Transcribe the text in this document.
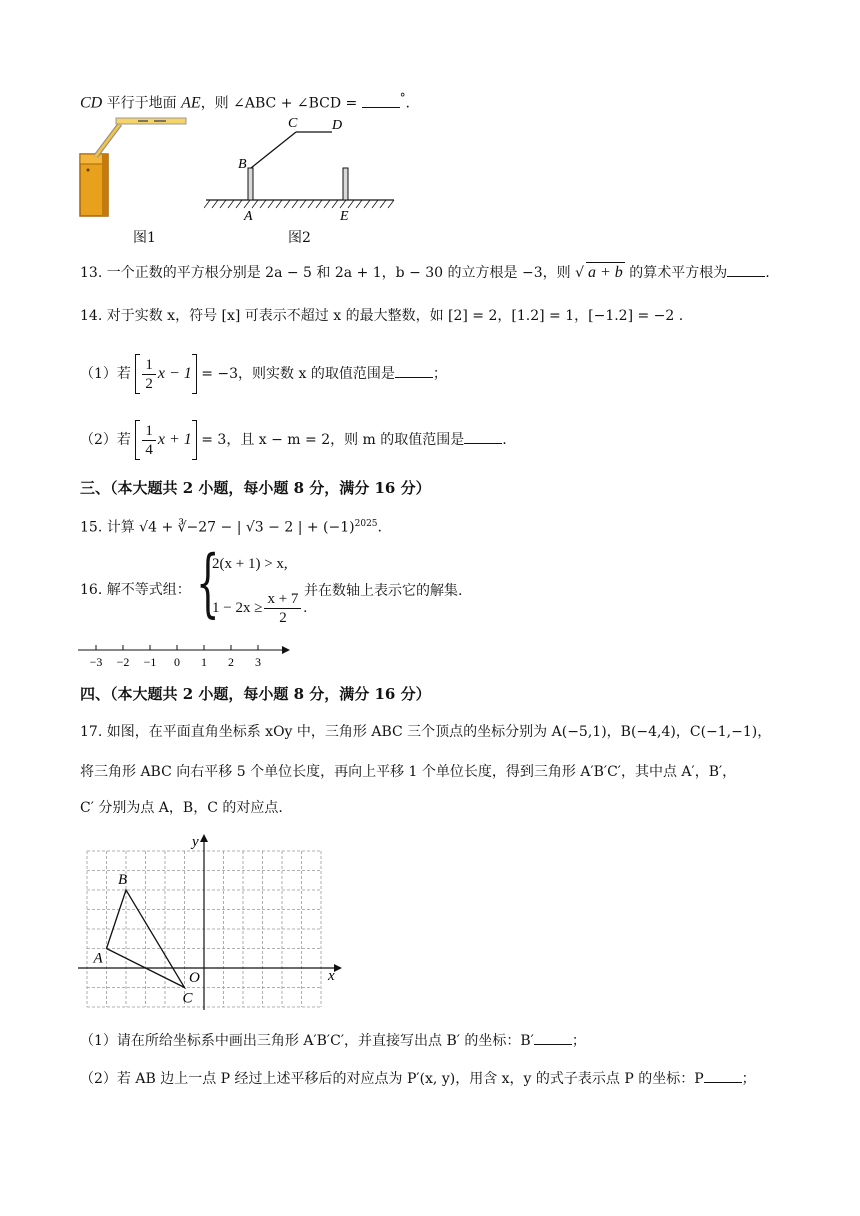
CD 平行于地面 AE，则 ∠ABC + ∠BCD =	°.
图1
B
C D
A	E
图2
13. 一个正数的平方根分别是 2a − 5 和 2a + 1，b − 30 的立方根是 −3，则 √ a + b 的算术平方根为	.
14. 对于实数 x，符号 [x] 可表示不超过 x 的最大整数，如 [2] = 2，[1.2] = 1，[−1.2] = −2 .
（1）若 $\frac{1}{2}$ x − 1 = −3，则实数 x 的取值范围是	；
（2）若 $\frac{1}{4}$ x + 1 = 3，且 x − m = 2，则 m 的取值范围是	.
三、（本大题共 2 小题，每小题 8 分，满分 16 分）
15. 计算 √4 + ∛−27 − | √3 − 2 | + $(-1)^{2025}$.
16. 解不等式组： {
2(x + 1) > x,
$1 - 2x \ge \frac{x + 7}{2}$ .
并在数轴上表示它的解集.
−3 −2 −1 0 1 2 3
四、（本大题共 2 小题，每小题 8 分，满分 16 分）
17. 如图，在平面直角坐标系 xOy 中，三角形 ABC 三个顶点的坐标分别为 A(−5,1)，B(−4,4)，C(−1,−1)，
将三角形 ABC 向右平移 5 个单位长度，再向上平移 1 个单位长度，得到三角形 A′B′C′，其中点 A′，B′，
C′ 分别为点 A，B，C 的对应点.
y
x
O
A
B
C
（1）请在所给坐标系中画出三角形 A′B′C′，并直接写出点 B′ 的坐标：B′	；
（2）若 AB 边上一点 P 经过上述平移后的对应点为 P′(x, y)，用含 x，y 的式子表示点 P 的坐标：P	；
